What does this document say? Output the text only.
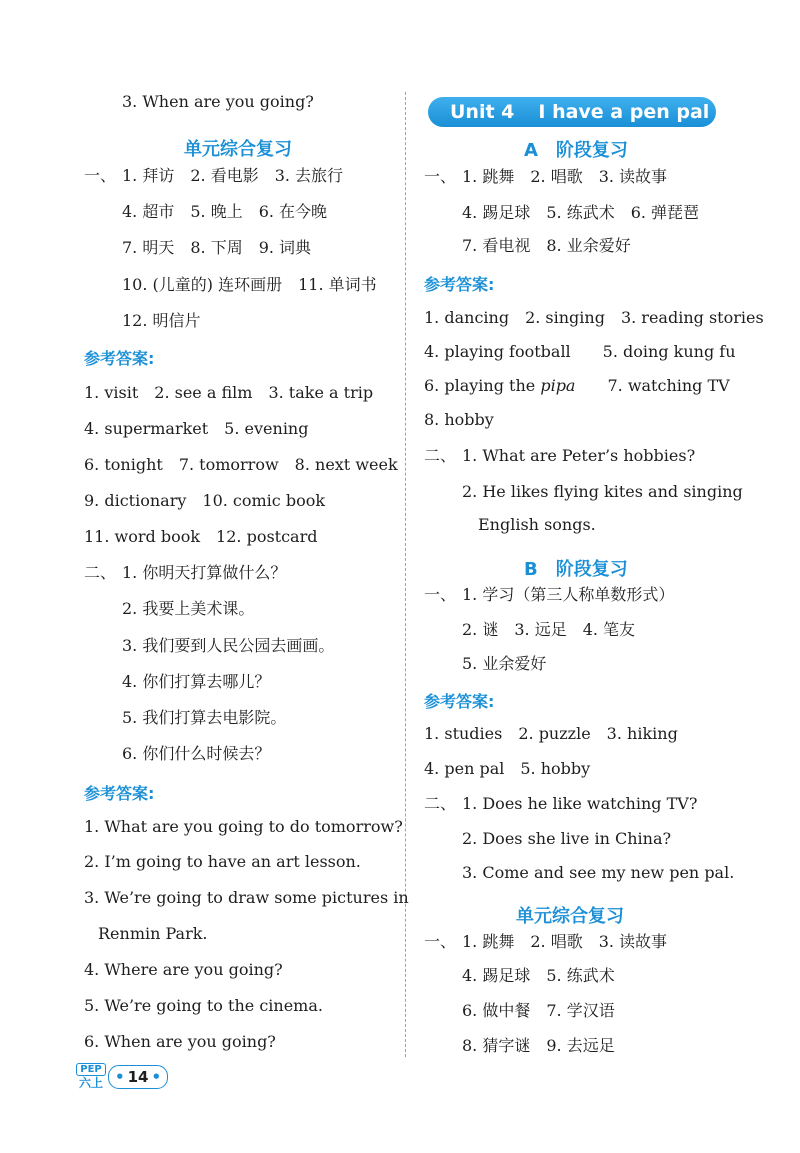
3. When are you going?
单元综合复习
一、 1. 拜访　2. 看电影　3. 去旅行
4. 超市　5. 晚上　6. 在今晚
7. 明天　8. 下周　9. 词典
10. (儿童的) 连环画册　11. 单词书
12. 明信片
参考答案:
1. visit　2. see a film　3. take a trip
4. supermarket　5. evening
6. tonight　7. tomorrow　8. next week
9. dictionary　10. comic book
11. word book　12. postcard
二、 1. 你明天打算做什么？
2. 我要上美术课。
3. 我们要到人民公园去画画。
4. 你们打算去哪儿？
5. 我们打算去电影院。
6. 你们什么时候去？
参考答案:
1. What are you going to do tomorrow?
2. I’m going to have an art lesson.
3. We’re going to draw some pictures in
Renmin Park.
4. Where are you going?
5. We’re going to the cinema.
6. When are you going?
Unit 4 I have a pen pal
A　阶段复习
一、 1. 跳舞　2. 唱歌　3. 读故事
4. 踢足球　5. 练武术　6. 弹琵琶
7. 看电视　8. 业余爱好
参考答案:
1. dancing　2. singing　3. reading stories
4. playing football　　5. doing kung fu
6. playing the pipa　　7. watching TV
8. hobby
二、 1. What are Peter’s hobbies?
2. He likes flying kites and singing
English songs.
B　阶段复习
一、 1. 学习（第三人称单数形式）
2. 谜　3. 远足　4. 笔友
5. 业余爱好
参考答案:
1. studies　2. puzzle　3. hiking
4. pen pal　5. hobby
二、 1. Does he like watching TV?
2. Does she live in China?
3. Come and see my new pen pal.
单元综合复习
一、 1. 跳舞　2. 唱歌　3. 读故事
4. 踢足球　5. 练武术
6. 做中餐　7. 学汉语
8. 猜字谜　9. 去远足
PEP
六上 • 14 •
